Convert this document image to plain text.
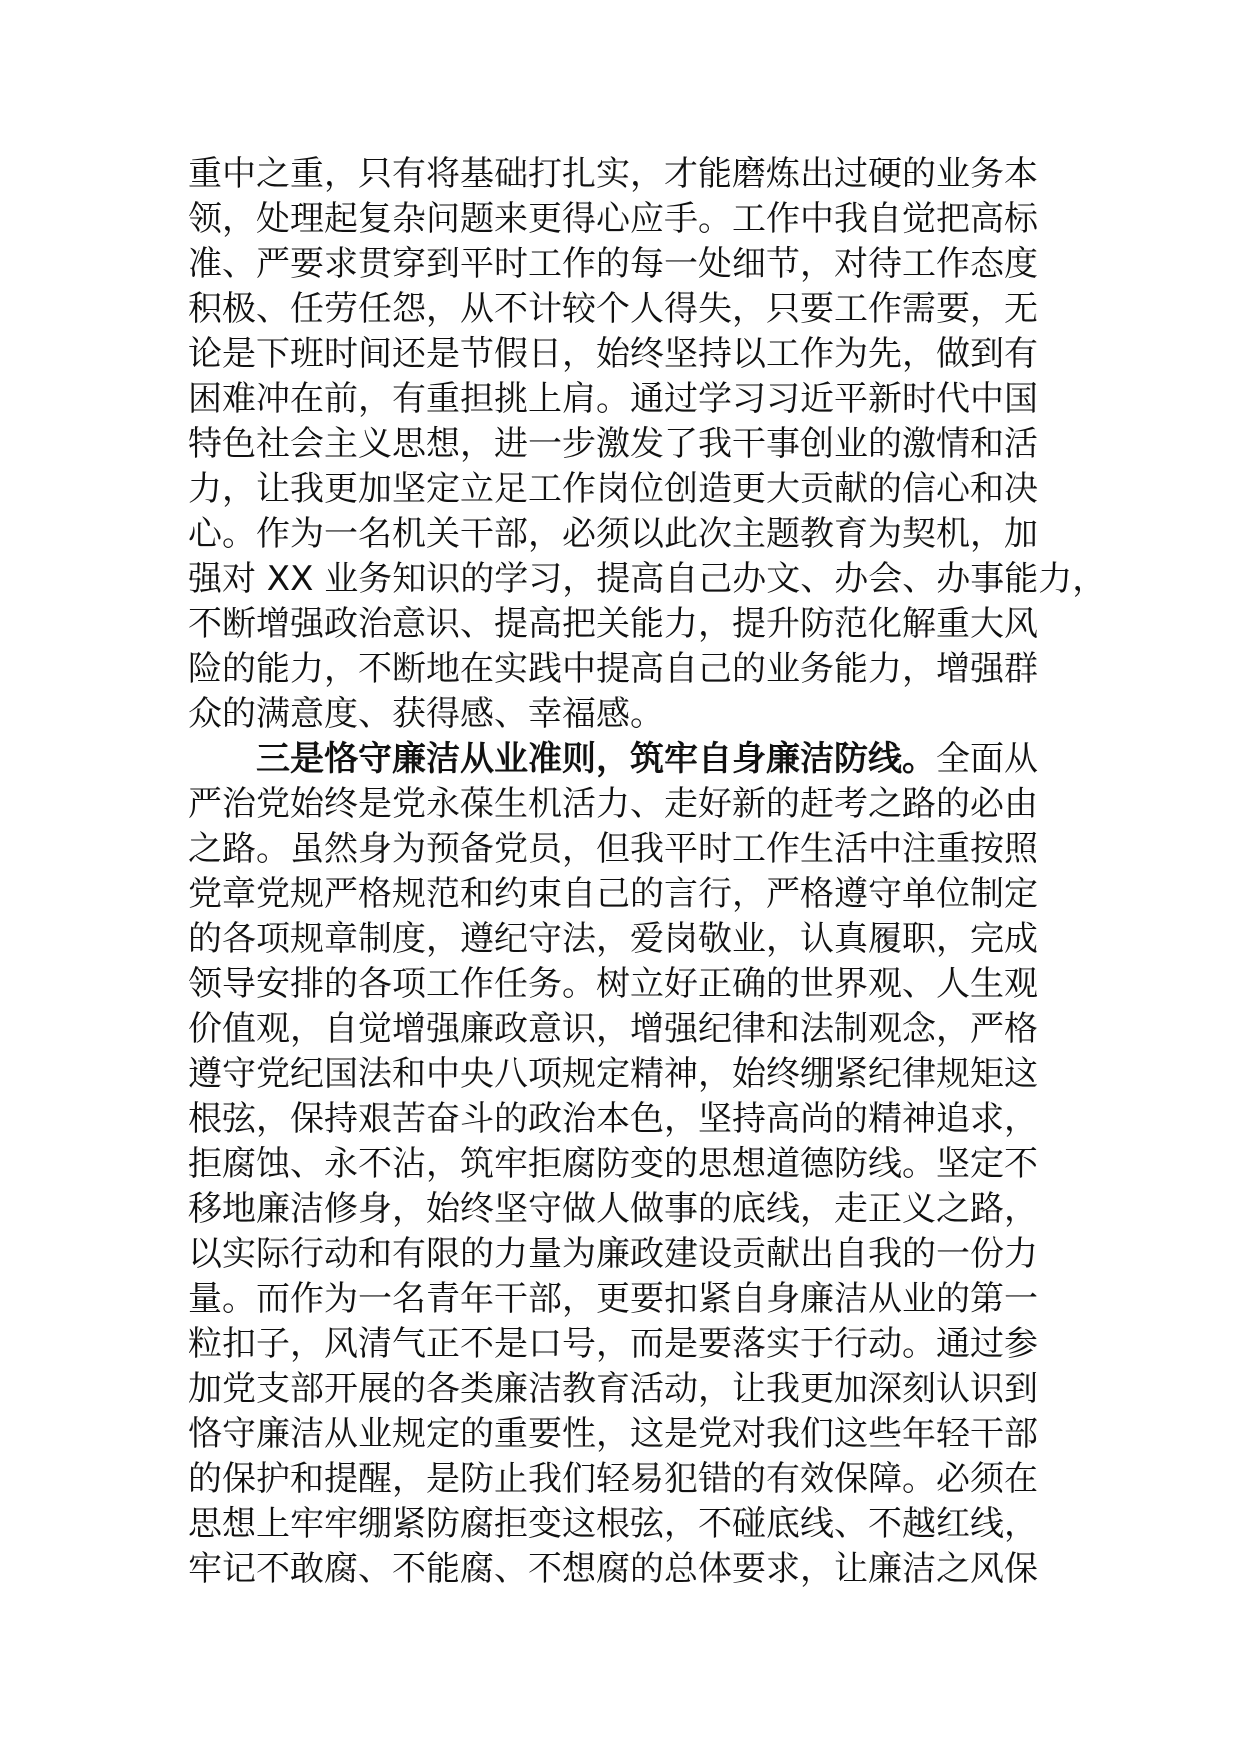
重中之重，只有将基础打扎实，才能磨炼出过硬的业务本
领，处理起复杂问题来更得心应手。工作中我自觉把高标
准、严要求贯穿到平时工作的每一处细节，对待工作态度
积极、任劳任怨，从不计较个人得失，只要工作需要，无
论是下班时间还是节假日，始终坚持以工作为先，做到有
困难冲在前，有重担挑上肩。通过学习习近平新时代中国
特色社会主义思想，进一步激发了我干事创业的激情和活
力，让我更加坚定立足工作岗位创造更大贡献的信心和决
心。作为一名机关干部，必须以此次主题教育为契机，加
强对 XX 业务知识的学习，提高自己办文、办会、办事能力，
不断增强政治意识、提高把关能力，提升防范化解重大风
险的能力，不断地在实践中提高自己的业务能力，增强群
众的满意度、获得感、幸福感。
三是恪守廉洁从业准则，筑牢自身廉洁防线。全面从
严治党始终是党永葆生机活力、走好新的赶考之路的必由
之路。虽然身为预备党员，但我平时工作生活中注重按照
党章党规严格规范和约束自己的言行，严格遵守单位制定
的各项规章制度，遵纪守法，爱岗敬业，认真履职，完成
领导安排的各项工作任务。树立好正确的世界观、人生观
价值观，自觉增强廉政意识，增强纪律和法制观念，严格
遵守党纪国法和中央八项规定精神，始终绷紧纪律规矩这
根弦，保持艰苦奋斗的政治本色，坚持高尚的精神追求，
拒腐蚀、永不沾，筑牢拒腐防变的思想道德防线。坚定不
移地廉洁修身，始终坚守做人做事的底线，走正义之路，
以实际行动和有限的力量为廉政建设贡献出自我的一份力
量。而作为一名青年干部，更要扣紧自身廉洁从业的第一
粒扣子，风清气正不是口号，而是要落实于行动。通过参
加党支部开展的各类廉洁教育活动，让我更加深刻认识到
恪守廉洁从业规定的重要性，这是党对我们这些年轻干部
的保护和提醒，是防止我们轻易犯错的有效保障。必须在
思想上牢牢绷紧防腐拒变这根弦，不碰底线、不越红线，
牢记不敢腐、不能腐、不想腐的总体要求，让廉洁之风保
